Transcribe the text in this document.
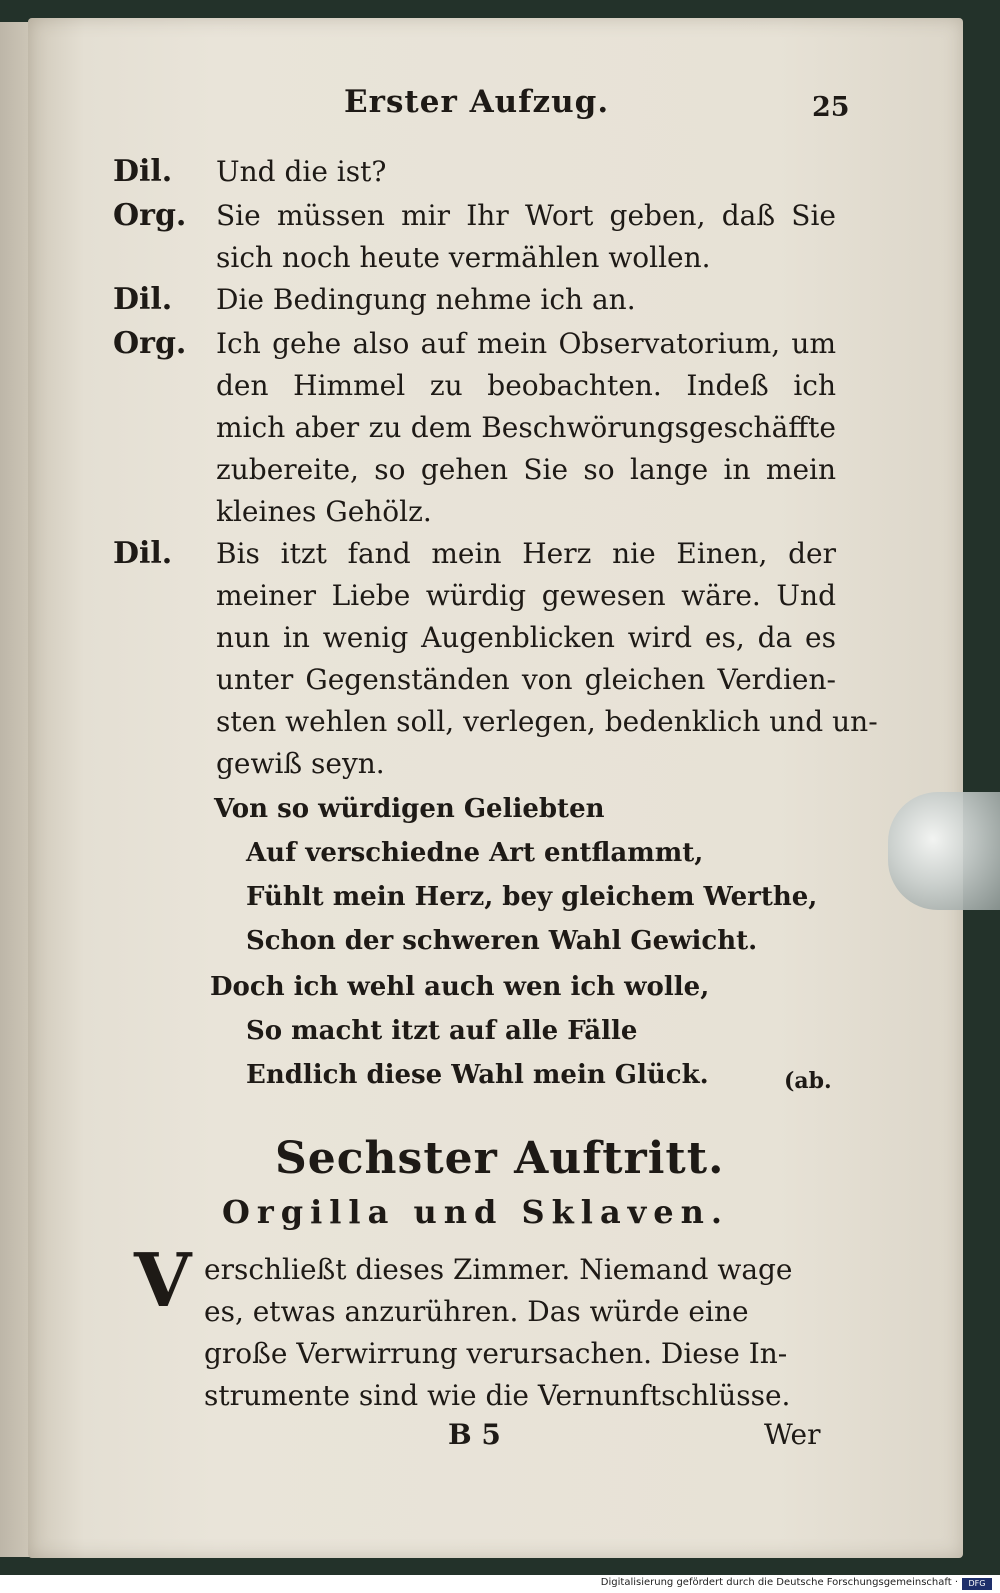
Erster Aufzug.	25
Dil. Und die ist?
Org. Sie müssen mir Ihr Wort geben, daß Sie
sich noch heute vermählen wollen.
Dil. Die Bedingung nehme ich an.
Org. Ich gehe also auf mein Observatorium, um
den Himmel zu beobachten. Indeß ich
mich aber zu dem Beschwörungsgeschäffte
zubereite, so gehen Sie so lange in mein
kleines Gehölz.
Dil. Bis itzt fand mein Herz nie Einen, der
meiner Liebe würdig gewesen wäre. Und
nun in wenig Augenblicken wird es, da es
unter Gegenständen von gleichen Verdien-
sten wehlen soll, verlegen, bedenklich und un-
gewiß seyn.
Von so würdigen Geliebten
Auf verschiedne Art entflammt,
Fühlt mein Herz, bey gleichem Werthe,
Schon der schweren Wahl Gewicht.
Doch ich wehl auch wen ich wolle,
So macht itzt auf alle Fälle
Endlich diese Wahl mein Glück.	(ab.
Sechster Auftritt.
Orgilla und Sklaven.
V erschließt dieses Zimmer. Niemand wage
es, etwas anzurühren. Das würde eine
große Verwirrung verursachen. Diese In-
strumente sind wie die Vernunftschlüsse.
B 5	Wer
Digitalisierung gefördert durch die Deutsche Forschungsgemeinschaft ·	DFG
